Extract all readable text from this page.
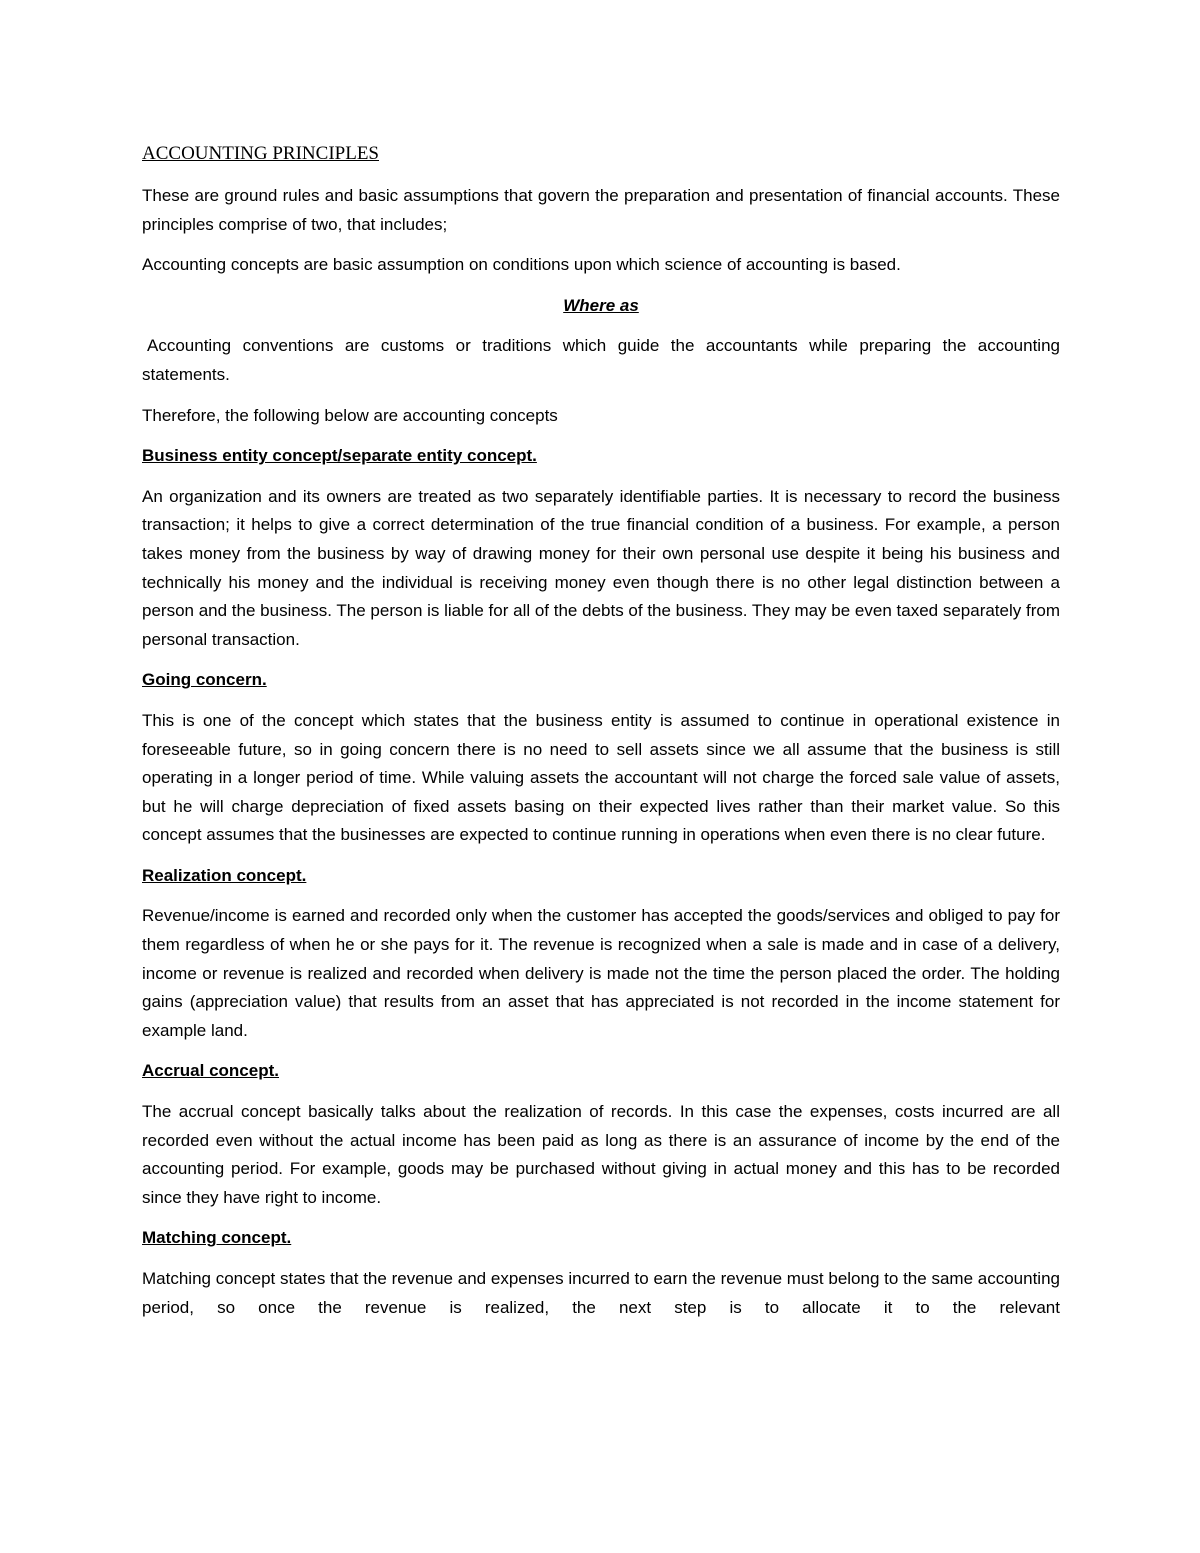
ACCOUNTING PRINCIPLES

These are ground rules and basic assumptions that govern the preparation and presentation of financial accounts. These principles comprise of two, that includes;

Accounting concepts are basic assumption on conditions upon which science of accounting is based.

Where as

Accounting conventions are customs or traditions which guide the accountants while preparing the accounting statements.

Therefore, the following below are accounting concepts

Business entity concept/separate entity concept.

An organization and its owners are treated as two separately identifiable parties. It is necessary to record the business transaction; it helps to give a correct determination of the true financial condition of a business. For example, a person takes money from the business by way of drawing money for their own personal use despite it being his business and technically his money and the individual is receiving money even though there is no other legal distinction between a person and the business. The person is liable for all of the debts of the business. They may be even taxed separately from personal transaction.

Going concern.

This is one of the concept which states that the business entity is assumed to continue in operational existence in foreseeable future, so in going concern there is no need to sell assets since we all assume that the business is still operating in a longer period of time. While valuing assets the accountant will not charge the forced sale value of assets, but he will charge depreciation of fixed assets basing on their expected lives rather than their market value. So this concept assumes that the businesses are expected to continue running in operations when even there is no clear future.

Realization concept.

Revenue/income is earned and recorded only when the customer has accepted the goods/services and obliged to pay for them regardless of when he or she pays for it. The revenue is recognized when a sale is made and in case of a delivery, income or revenue is realized and recorded when delivery is made not the time the person placed the order. The holding gains (appreciation value) that results from an asset that has appreciated is not recorded in the income statement for example land.

Accrual concept.

The accrual concept basically talks about the realization of records. In this case the expenses, costs incurred are all recorded even without the actual income has been paid as long as there is an assurance of income by the end of the accounting period. For example, goods may be purchased without giving in actual money and this has to be recorded since they have right to income.

Matching concept.

Matching concept states that the revenue and expenses incurred to earn the revenue must belong to the same accounting period, so once the revenue is realized, the next step is to allocate it to the relevant
